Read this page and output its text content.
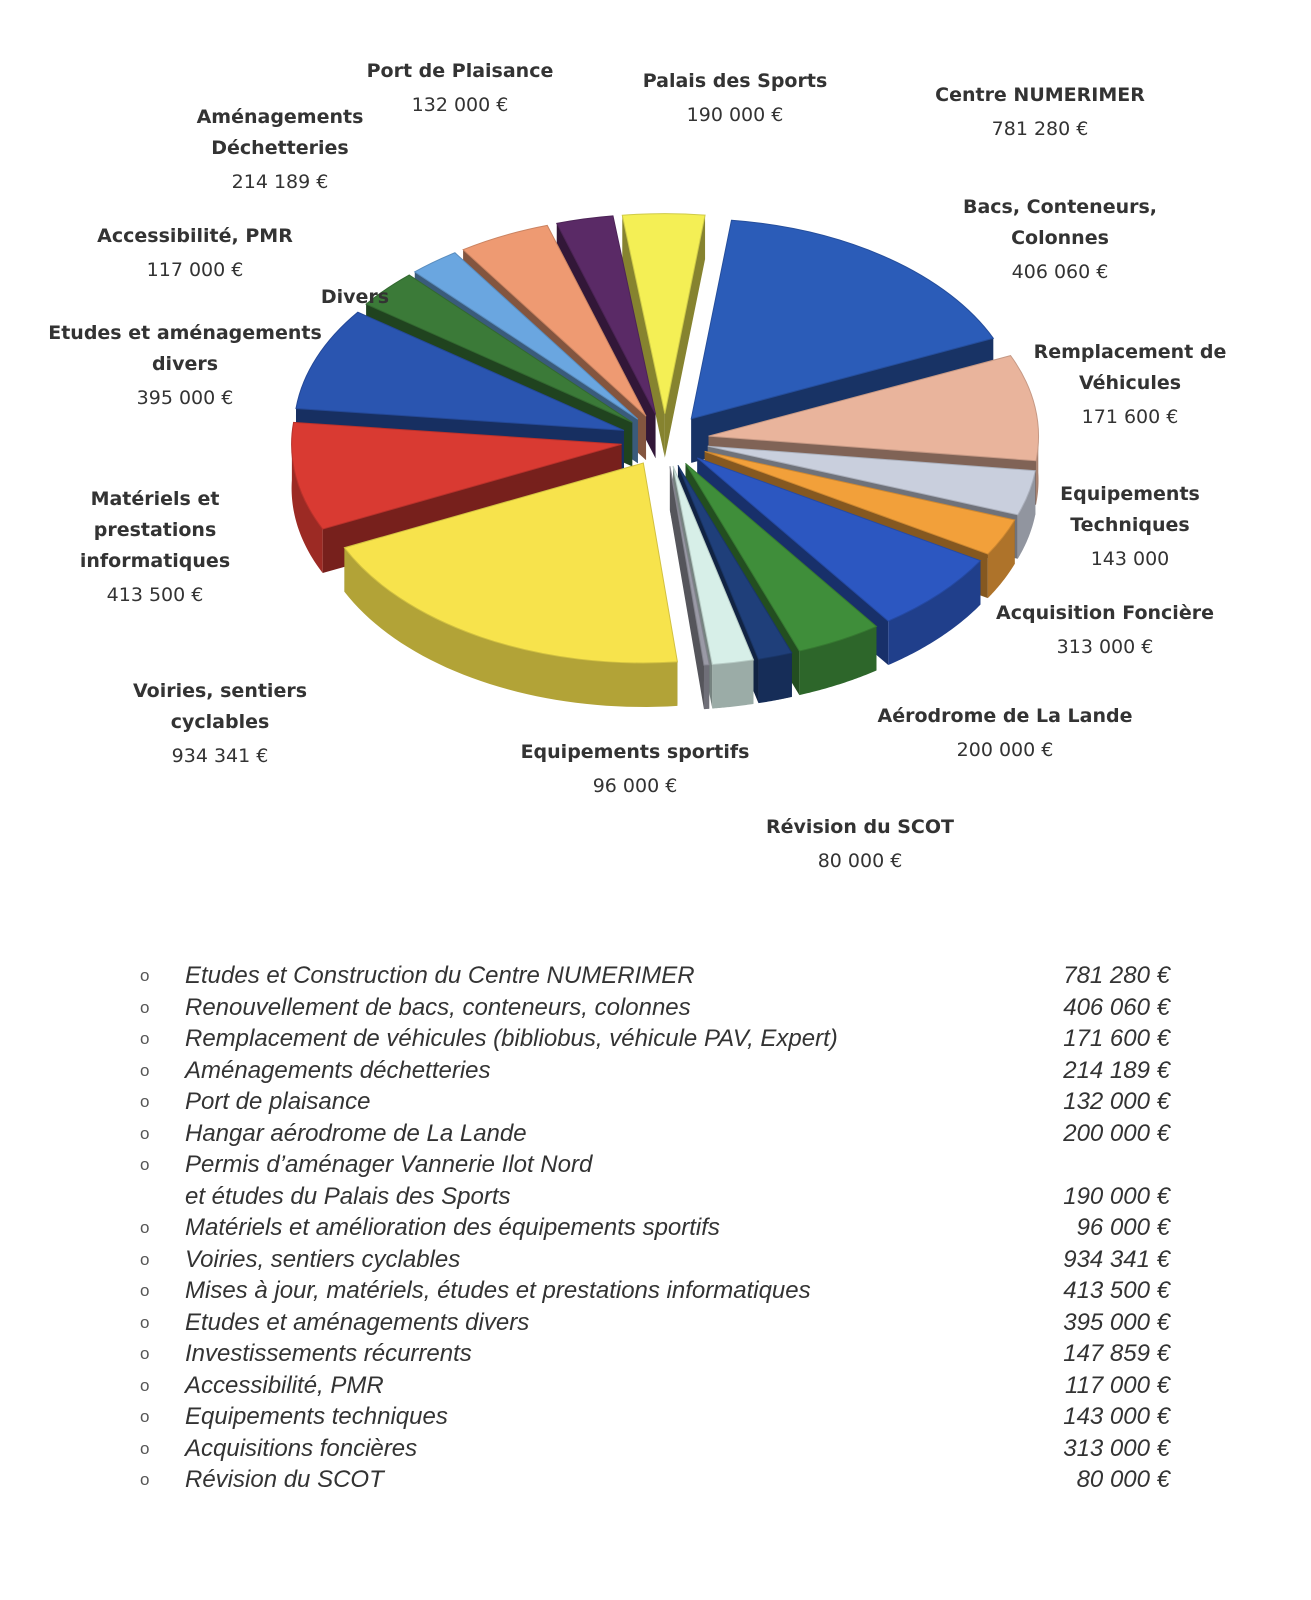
Port de Plaisance
132 000 €
Palais des Sports
190 000 €
Centre NUMERIMER
781 280 €
Aménagements
Déchetteries
214 189 €
Bacs, Conteneurs,
Colonnes
406 060 €
Accessibilité, PMR
117 000 €
Divers
Etudes et aménagements
divers
395 000 €
Remplacement de
Véhicules
171 600 €
Matériels et
prestations
informatiques
413 500 €
Equipements
Techniques
143 000
Acquisition Foncière
313 000 €
Voiries, sentiers
cyclables
934 341 €
Aérodrome de La Lande
200 000 €
Equipements sportifs
96 000 €
Révision du SCOT
80 000 €
o	Etudes et Construction du Centre NUMERIMER	781 280 €
o	Renouvellement de bacs, conteneurs, colonnes	406 060 €
o	Remplacement de véhicules (bibliobus, véhicule PAV, Expert)	171 600 €
o	Aménagements déchetteries	214 189 €
o	Port de plaisance	132 000 €
o	Hangar aérodrome de La Lande	200 000 €
o	Permis d’aménager Vannerie Ilot Nord
et études du Palais des Sports	190 000 €
o	Matériels et amélioration des équipements sportifs	96 000 €
o	Voiries, sentiers cyclables	934 341 €
o	Mises à jour, matériels, études et prestations informatiques	413 500 €
o	Etudes et aménagements divers	395 000 €
o	Investissements récurrents	147 859 €
o	Accessibilité, PMR	117 000 €
o	Equipements techniques	143 000 €
o	Acquisitions foncières	313 000 €
o	Révision du SCOT	80 000 €
